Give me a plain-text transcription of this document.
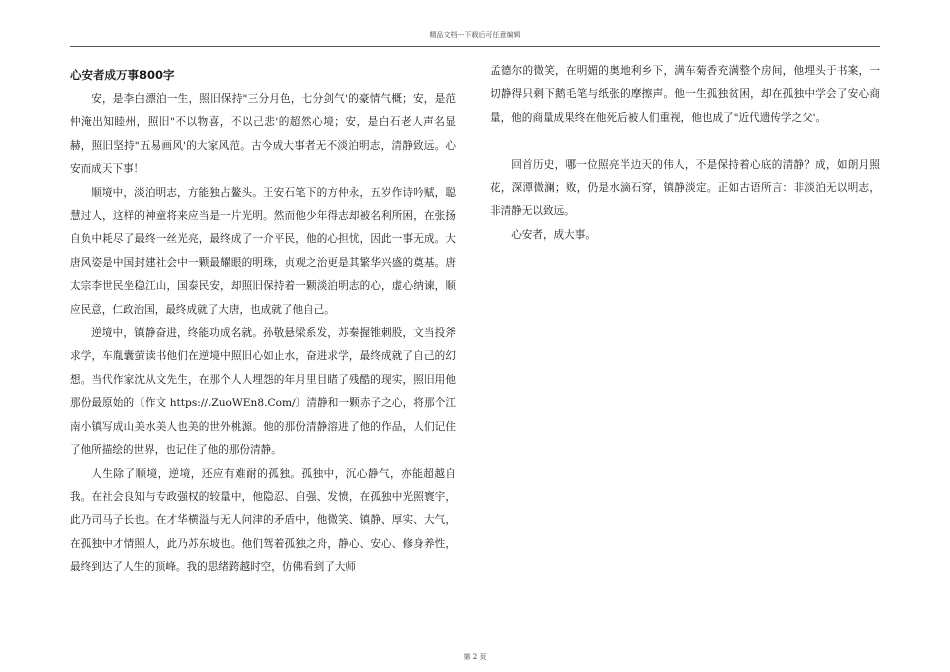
精品文档---下载后可任意编辑
心安者成万事800字

安，是李白漂泊一生，照旧保持"三分月色，七分剑气'的豪情气概；安，是范仲淹出知睦州，照旧"不以物喜，不以己悲'的超然心境；安，是白石老人声名显赫，照旧坚持"五易画风'的大家风范。古今成大事者无不淡泊明志，清静致远。心安而成天下事！

顺境中，淡泊明志，方能独占鳌头。王安石笔下的方仲永，五岁作诗吟赋，聪慧过人，这样的神童将来应当是一片光明。然而他少年得志却被名利所困，在张扬自负中耗尽了最终一丝光亮，最终成了一介平民，他的心担忧，因此一事无成。大唐风姿是中国封建社会中一颗最耀眼的明珠，贞观之治更是其繁华兴盛的奠基。唐太宗李世民坐稳江山，国泰民安，却照旧保持着一颗淡泊明志的心，虚心纳谏，顺应民意，仁政治国，最终成就了大唐，也成就了他自己。

逆境中，镇静奋进，终能功成名就。孙敬悬梁系发，苏秦握锥刺股，文当投斧求学，车胤囊萤读书他们在逆境中照旧心如止水，奋进求学，最终成就了自己的幻想。当代作家沈从文先生，在那个人人埋怨的年月里目睹了残酷的现实，照旧用他那份最原始的〔作文 https://.ZuoWEn8.Com/〕清静和一颗赤子之心，将那个江南小镇写成山美水美人也美的世外桃源。他的那份清静溶进了他的作品，人们记住了他所描绘的世界，也记住了他的那份清静。

人生除了顺境，逆境，还应有难耐的孤独。孤独中，沉心静气，亦能超越自我。在社会良知与专政强权的较量中，他隐忍、自强、发愤，在孤独中光照寰宇，此乃司马子长也。在才华横溢与无人问津的矛盾中，他微笑、镇静、厚实、大气，在孤独中才情照人，此乃苏东坡也。他们驾着孤独之舟，静心、安心、修身养性，最终到达了人生的顶峰。我的思绪跨越时空，仿佛看到了大师

孟德尔的微笑，在明媚的奥地利乡下，满车菊香充满整个房间，他埋头于书案，一切静得只剩下鹅毛笔与纸张的摩擦声。他一生孤独贫困，却在孤独中学会了安心商量，他的商量成果终在他死后被人们重视，他也成了"近代遗传学之父'。

回首历史，哪一位照亮半边天的伟人，不是保持着心底的清静？成，如朗月照花，深潭微澜；败，仍是水滴石穿，镇静淡定。正如古语所言：非淡泊无以明志，非清静无以致远。

心安者，成大事。

第 2 页
